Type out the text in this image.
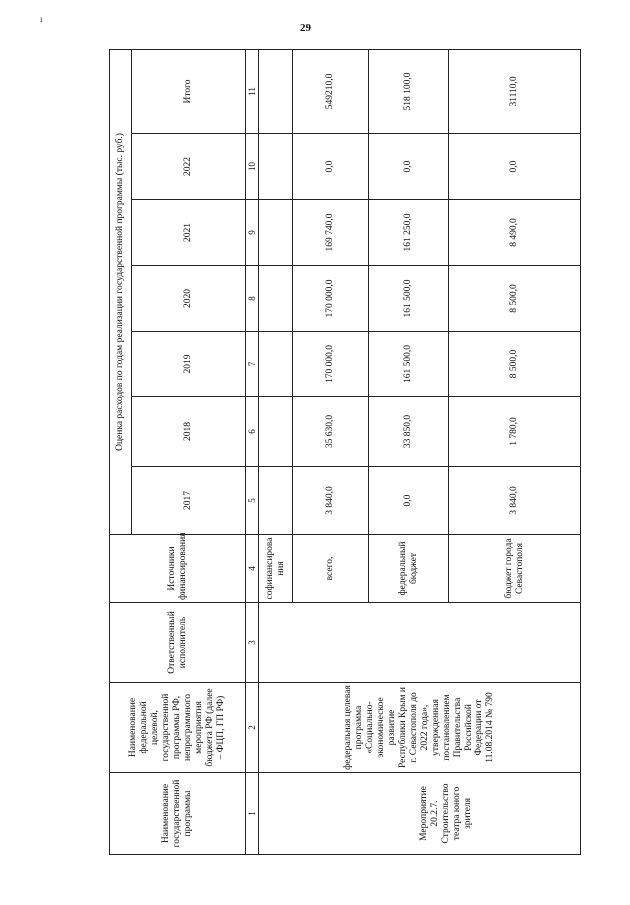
29
ı
Наименование государственной программы	Наименование федеральной целевой, государственной программы РФ, непрограммного мероприятия бюджета РФ (далее – ФЦП, ГП РФ)	Ответственный исполнитель	Источники финансирования	Оценка расходов по годам реализации государственной программы (тыс. руб.)						
				2017	2018	2019	2020	2021	2022	Итого
1	2	3	4	5	6	7	8	9	10	11
Мероприятие 20.2.7. Строительство театра юного зрителя	федеральная целевая программа «Социально-экономическое развитие Республики Крым и г. Севастополя до 2022 года», утвержденная постановлением Правительства Российской Федерации от 11.08.2014 № 790		софинансирования							
			всего,	3 840,0	35 630,0	170 000,0	170 000,0	169 740,0	0,0	549210,0
			федеральный бюджет	0,0	33 850,0	161 500,0	161 500,0	161 250,0	0,0	518 100,0
			бюджет города Севастополя	3 840,0	1 780,0	8 500,0	8 500,0	8 490,0	0,0	31110,0
